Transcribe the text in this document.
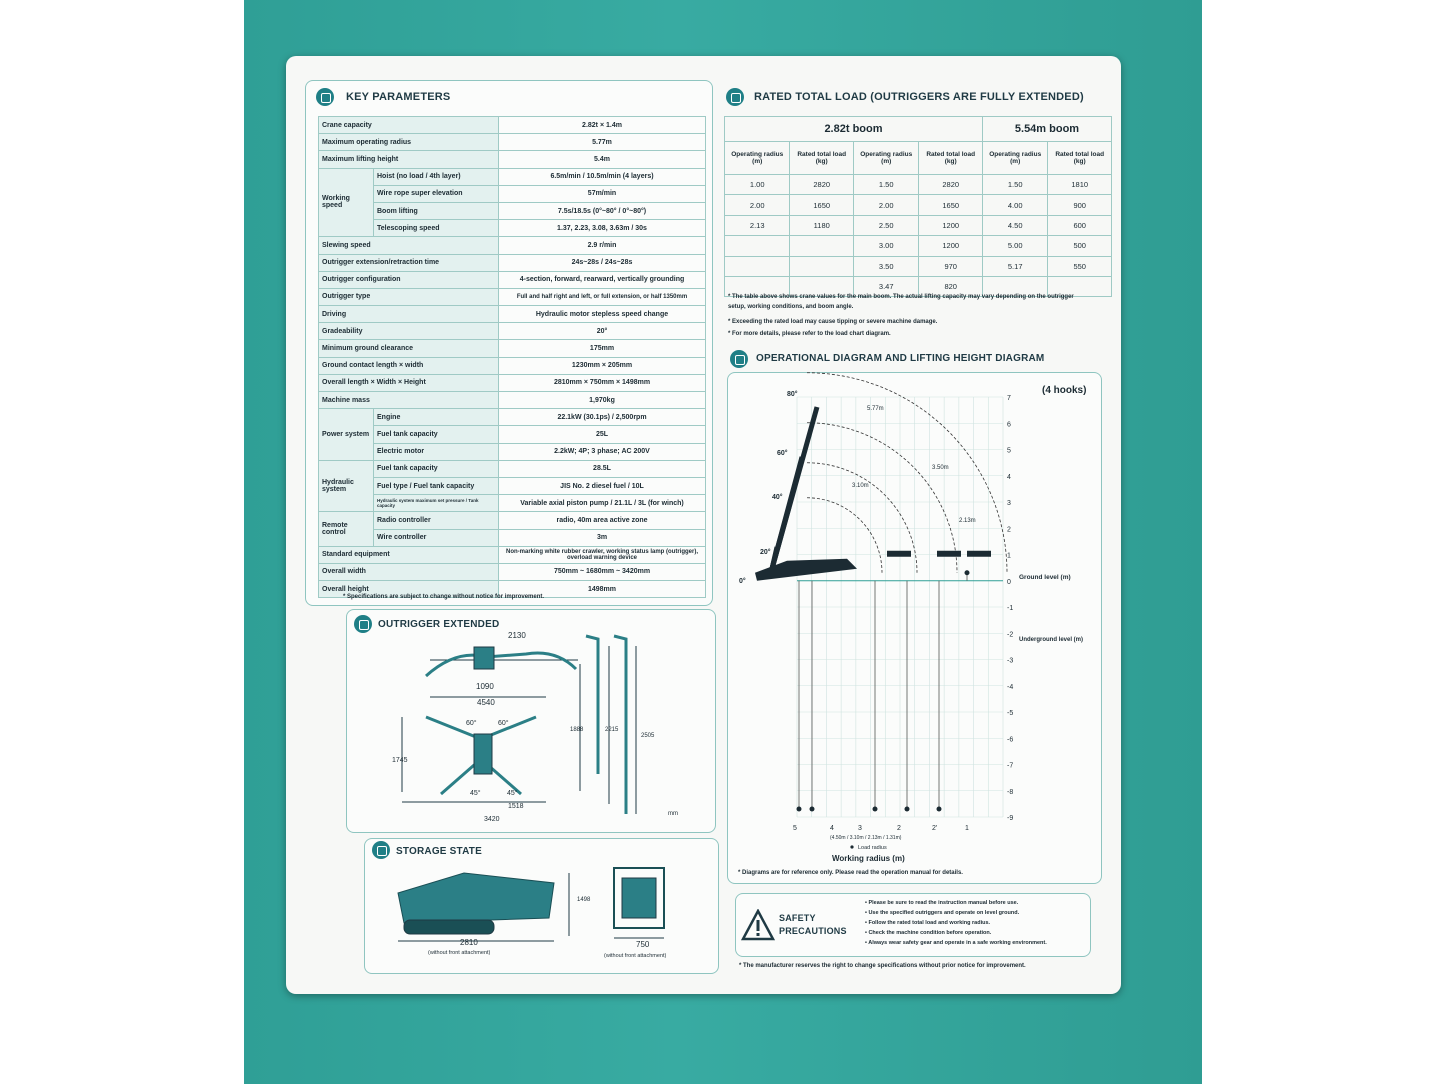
KEY PARAMETERS
Crane capacity		2.82t × 1.4m
Maximum operating radius		5.77m
Maximum lifting height		5.4m
Working speed	Hoist (no load / 4th layer)	6.5m/min / 10.5m/min (4 layers)
	Wire rope super elevation	57m/min
	Boom lifting	7.5s/18.5s (0°~80° / 0°~80°)
	Telescoping speed	1.37, 2.23, 3.08, 3.63m / 30s
Slewing speed		2.9 r/min
Outrigger extension/retraction time		24s~28s / 24s~28s
Outrigger configuration		4-section, forward, rearward, vertically grounding
Outrigger type		Full and half right and left, or full extension, or half 1350mm
Driving		Hydraulic motor stepless speed change
Gradeability		20°
Minimum ground clearance		175mm
Ground contact length × width		1230mm × 205mm
Overall length × Width × Height		2810mm × 750mm × 1498mm
Machine mass		1,970kg
Power system	Engine	22.1kW (30.1ps) / 2,500rpm
	Fuel tank capacity	25L
	Electric motor	2.2kW; 4P; 3 phase; AC 200V
Hydraulic system	Fuel tank capacity	28.5L
	Fuel type / Fuel tank capacity	JIS No. 2 diesel fuel / 10L
	Hydraulic system maximum set pressure / Tank capacity	Variable axial piston pump / 21.1L / 3L (for winch)
Remote control	Radio controller	radio, 40m area active zone
	Wire controller	3m
Standard equipment		Non-marking white rubber crawler, working status lamp (outrigger), overload warning device
Overall width		750mm ~ 1680mm ~ 3420mm
Overall height		1498mm
* Specifications are subject to change without notice for improvement.
RATED TOTAL LOAD (OUTRIGGERS ARE FULLY EXTENDED)
2.82t boom				5.54m boom	
Operating radius (m)	Rated total load (kg)	Operating radius (m)	Rated total load (kg)	Operating radius (m)	Rated total load (kg)
1.00	2820	1.50	2820	1.50	1810
2.00	1650	2.00	1650	4.00	900
2.13	1180	2.50	1200	4.50	600
		3.00	1200	5.00	500
		3.50	970	5.17	550
		3.47	820		
* The table above shows crane values for the main boom. The actual lifting capacity may vary depending on the outrigger setup, working conditions, and boom angle.
* Exceeding the rated load may cause tipping or severe machine damage.
* For more details, please refer to the load chart diagram.
OPERATIONAL DIAGRAM AND LIFTING HEIGHT DIAGRAM
(4 hooks)
7
6
5
4
3
2
1
0
-1
-2
-3
-4
-5
-6
-7
-8
-9
Ground level (m)
Underground level (m)
5.77m
3.50m
3.10m
2.13m
80°
60°
40°
20°
0°
5	4	3	2	2'	1
(4.50m / 3.10m / 2.13m / 1.31m)
Load radius
Working radius (m)
* Diagrams are for reference only. Please read the operation manual for details.
OUTRIGGER EXTENDED
2130
1090
4540
60°	60°
1745
45°	45°
1518
3420
1888	2215
2505
mm
STORAGE STATE
1498
2810
(without front attachment)
750
(without front attachment)
SAFETY PRECAUTIONS
• Please be sure to read the instruction manual before use.
• Use the specified outriggers and operate on level ground.
• Follow the rated total load and working radius.
• Check the machine condition before operation.
• Always wear safety gear and operate in a safe working environment.
* The manufacturer reserves the right to change specifications without prior notice for improvement.
